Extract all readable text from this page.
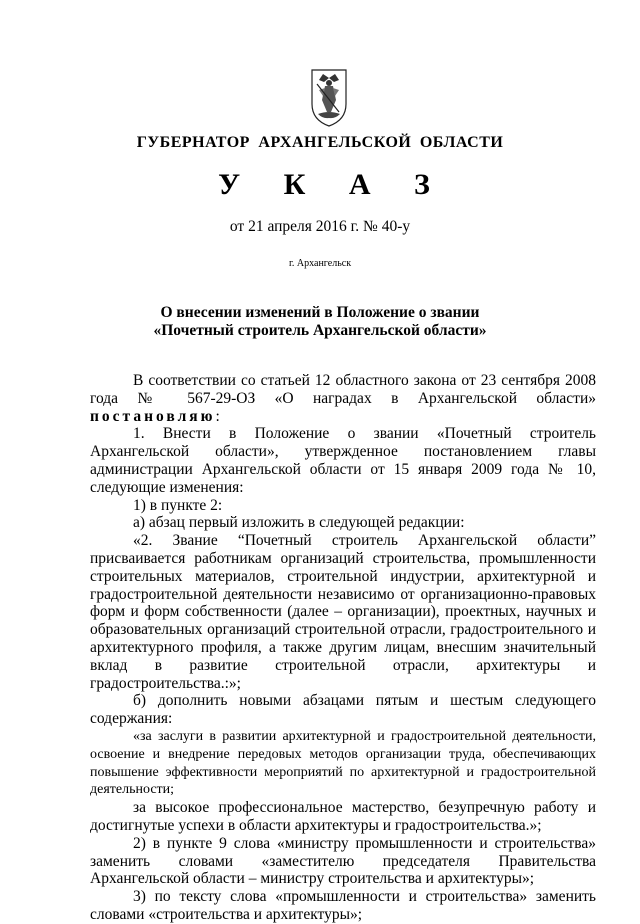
ГУБЕРНАТОР АРХАНГЕЛЬСКОЙ ОБЛАСТИ
У К А З
от 21 апреля 2016 г. № 40-у
г. Архангельск
О внесении изменений в Положение о звании
«Почетный строитель Архангельской области»

В соответствии со статьей 12 областного закона от 23 сентября 2008 года № 567-29-ОЗ «О наградах в Архангельской области» постановляю:

1. Внести в Положение о звании «Почетный строитель Архангельской области», утвержденное постановлением главы администрации Архангельской области от 15 января 2009 года № 10, следующие изменения:

1) в пункте 2:

а) абзац первый изложить в следующей редакции:

«2. Звание “Почетный строитель Архангельской области” присваивается работникам организаций строительства, промышленности строительных материалов, строительной индустрии, архитектурной и градостроительной деятельности независимо от организационно-правовых форм и форм собственности (далее – организации), проектных, научных и образовательных организаций строительной отрасли, градостроительного и архитектурного профиля, а также другим лицам, внесшим значительный вклад в развитие строительной отрасли, архитектуры и градостроительства.:»;

б) дополнить новыми абзацами пятым и шестым следующего содержания:

«за заслуги в развитии архитектурной и градостроительной деятельности, освоение и внедрение передовых методов организации труда, обеспечивающих повышение эффективности мероприятий по архитектурной и градостроительной деятельности;

за высокое профессиональное мастерство, безупречную работу и достигнутые успехи в области архитектуры и градостроительства.»;

2) в пункте 9 слова «министру промышленности и строительства» заменить словами «заместителю председателя Правительства Архангельской области – министру строительства и архитектуры»;

3) по тексту слова «промышленности и строительства» заменить словами «строительства и архитектуры»;
